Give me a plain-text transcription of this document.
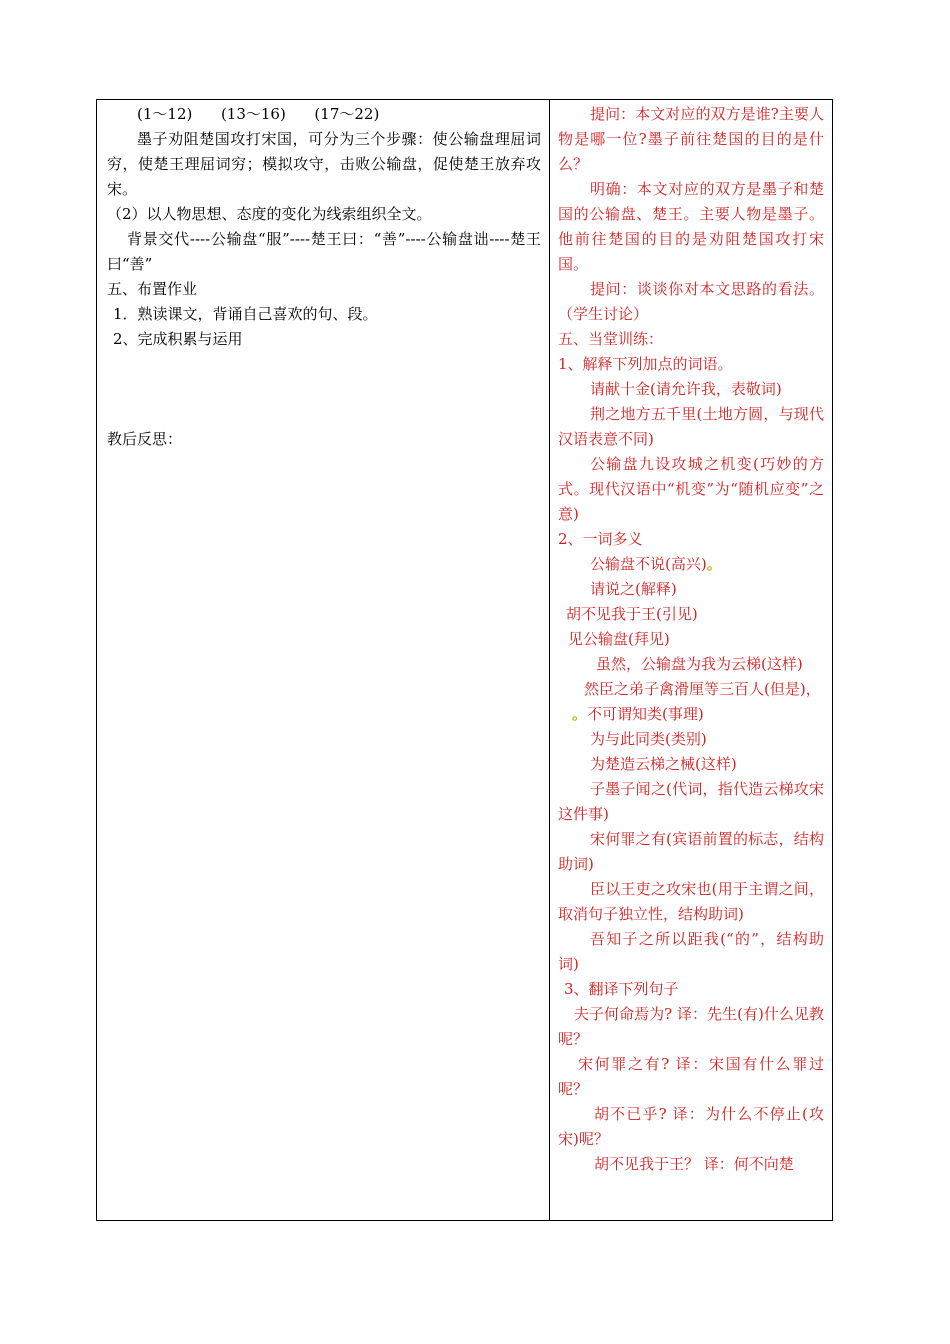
(1～12)      (13～16)      (17～22)
墨子劝阻楚国攻打宋国，可分为三个步骤：使公输盘理屈词穷，使楚王理屈词穷；模拟攻守，击败公输盘，促使楚王放弃攻宋。
（2）以人物思想、态度的变化为线索组织全文。
背景交代----公输盘“服”----楚王曰：“善”----公输盘诎----楚王曰“善”
五、布置作业
1．熟读课文，背诵自己喜欢的句、段。
2、完成积累与运用
教后反思：
提问：本文对应的双方是谁?主要人物是哪一位?墨子前往楚国的目的是什么？
明确：本文对应的双方是墨子和楚国的公输盘、楚王。主要人物是墨子。他前往楚国的目的是劝阻楚国攻打宋国。
提问：谈谈你对本文思路的看法。（学生讨论）
五、当堂训练：
1、解释下列加点的词语。
请献十金(请允许我，表敬词)
荆之地方五千里(土地方圆，与现代汉语表意不同)
公输盘九设攻城之机变(巧妙的方式。现代汉语中“机变”为“随机应变”之意)
2、一词多义
公输盘不说(高兴)。
请说之(解释)
胡不见我于王(引见)
见公输盘(拜见)
虽然，公输盘为我为云梯(这样)
然臣之弟子禽滑厘等三百人(但是)，
。不可谓知类(事理)
为与此同类(类别)
为楚造云梯之械(这样)
子墨子闻之(代词，指代造云梯攻宋这件事)
宋何罪之有(宾语前置的标志，结构助词)
臣以王吏之攻宋也(用于主谓之间，取消句子独立性，结构助词)
吾知子之所以距我(“的”，结构助词)
3、翻译下列句子
夫子何命焉为? 译：先生(有)什么见教呢？
宋何罪之有? 译：宋国有什么罪过呢？
胡不已乎? 译：为什么不停止(攻宋)呢？
胡不见我于王？ 译：何不向楚
